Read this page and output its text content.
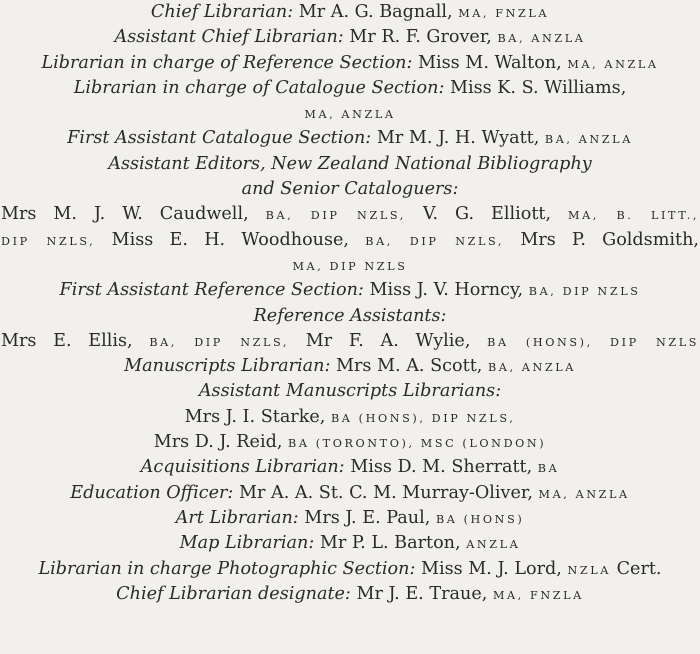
Chief Librarian: Mr A. G. Bagnall, MA, FNZLA
Assistant Chief Librarian: Mr R. F. Grover, BA, ANZLA
Librarian in charge of Reference Section: Miss M. Walton, MA, ANZLA
Librarian in charge of Catalogue Section: Miss K. S. Williams,
MA, ANZLA
First Assistant Catalogue Section: Mr M. J. H. Wyatt, BA, ANZLA
Assistant Editors, New Zealand National Bibliography
and Senior Cataloguers:
Mrs M. J. W. Caudwell, BA, DIP NZLS, V. G. Elliott, MA, B. LITT.,
DIP NZLS, Miss E. H. Woodhouse, BA, DIP NZLS, Mrs P. Goldsmith,
MA, DIP NZLS
First Assistant Reference Section: Miss J. V. Horncy, BA, DIP NZLS
Reference Assistants:
Mrs E. Ellis, BA, DIP NZLS, Mr F. A. Wylie, BA (HONS), DIP NZLS
Manuscripts Librarian: Mrs M. A. Scott, BA, ANZLA
Assistant Manuscripts Librarians:
Mrs J. I. Starke, BA (HONS), DIP NZLS,
Mrs D. J. Reid, BA (TORONTO), MSC (LONDON)
Acquisitions Librarian: Miss D. M. Sherratt, BA
Education Officer: Mr A. A. St. C. M. Murray-Oliver, MA, ANZLA
Art Librarian: Mrs J. E. Paul, BA (HONS)
Map Librarian: Mr P. L. Barton, ANZLA
Librarian in charge Photographic Section: Miss M. J. Lord, NZLA Cert.
Chief Librarian designate: Mr J. E. Traue, MA, FNZLA
